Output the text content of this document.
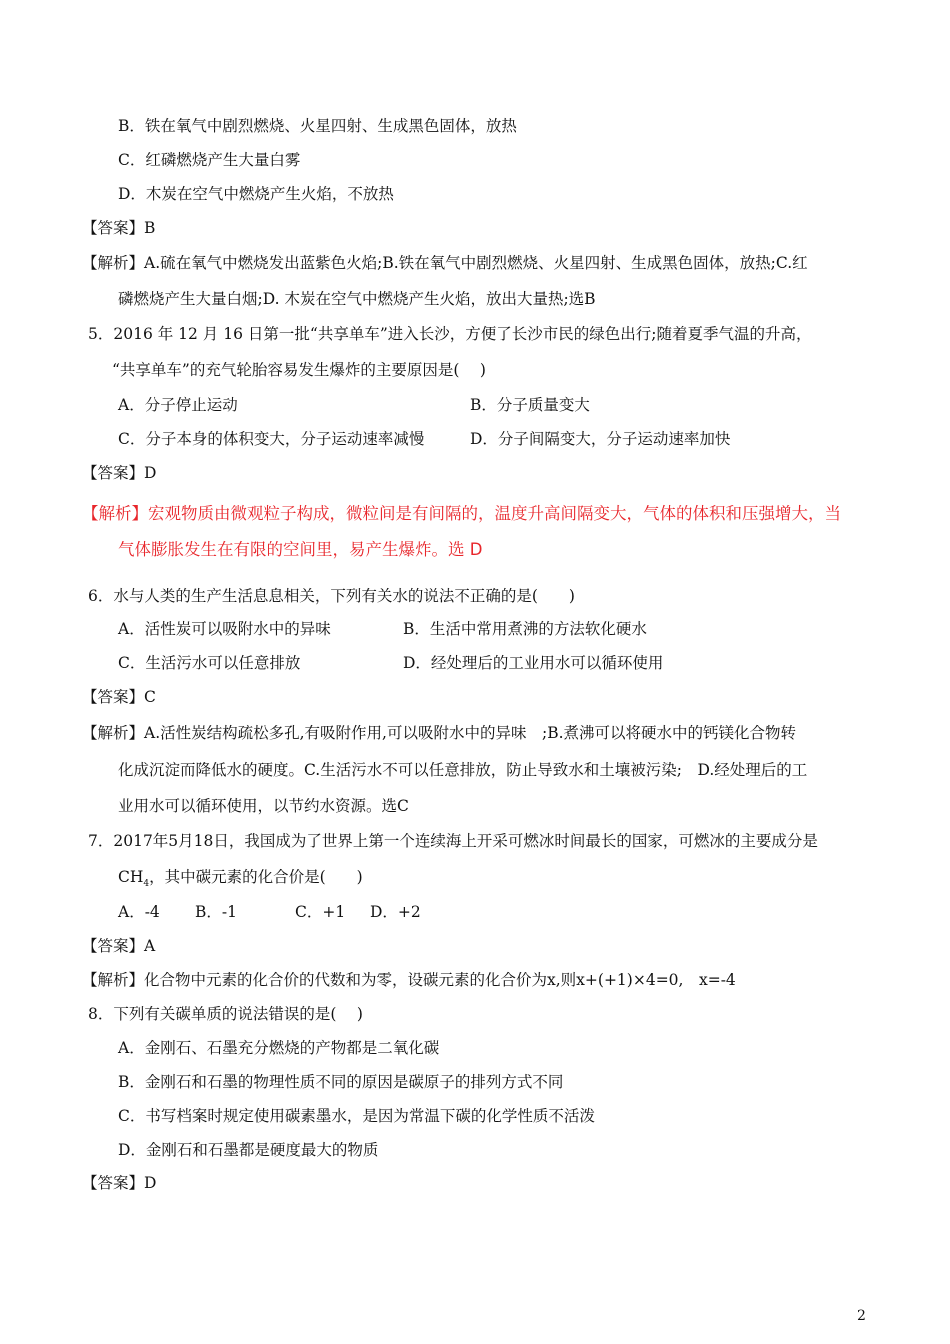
B．铁在氧气中剧烈燃烧、火星四射、生成黑色固体，放热
C．红磷燃烧产生大量白雾
D．木炭在空气中燃烧产生火焰，不放热
【答案】B
【解析】A.硫在氧气中燃烧发出蓝紫色火焰;B.铁在氧气中剧烈燃烧、火星四射、生成黑色固体，放热;C.红
磷燃烧产生大量白烟;D. 木炭在空气中燃烧产生火焰，放出大量热;选B
5．2016 年 12 月 16 日第一批“共享单车”进入长沙，方便了长沙市民的绿色出行;随着夏季气温的升高，
“共享单车”的充气轮胎容易发生爆炸的主要原因是(　 )
A．分子停止运动	B．分子质量变大
C．分子本身的体积变大，分子运动速率减慢	D．分子间隔变大，分子运动速率加快
【答案】D
【解析】宏观物质由微观粒子构成，微粒间是有间隔的，温度升高间隔变大，气体的体积和压强增大，当
气体膨胀发生在有限的空间里，易产生爆炸。选 D
6．水与人类的生产生活息息相关，下列有关水的说法不正确的是(　　)
A．活性炭可以吸附水中的异味	B．生活中常用煮沸的方法软化硬水
C．生活污水可以任意排放	D．经处理后的工业用水可以循环使用
【答案】C
【解析】A.活性炭结构疏松多孔,有吸附作用,可以吸附水中的异味　;B.煮沸可以将硬水中的钙镁化合物转
化成沉淀而降低水的硬度。C.生活污水不可以任意排放，防止导致水和土壤被污染;　D.经处理后的工
业用水可以循环使用，以节约水资源。选C
7．2017年5月18日，我国成为了世界上第一个连续海上开采可燃冰时间最长的国家，可燃冰的主要成分是
$CH_4$，其中碳元素的化合价是(　　)
A．-4 B．-1	C．+1 D．+2
【答案】A
【解析】化合物中元素的化合价的代数和为零，设碳元素的化合价为x,则x+(+1)×4=0,　x=-4
8．下列有关碳单质的说法错误的是(　 )
A．金刚石、石墨充分燃烧的产物都是二氧化碳
B．金刚石和石墨的物理性质不同的原因是碳原子的排列方式不同
C．书写档案时规定使用碳素墨水，是因为常温下碳的化学性质不活泼
D．金刚石和石墨都是硬度最大的物质
【答案】D
2
